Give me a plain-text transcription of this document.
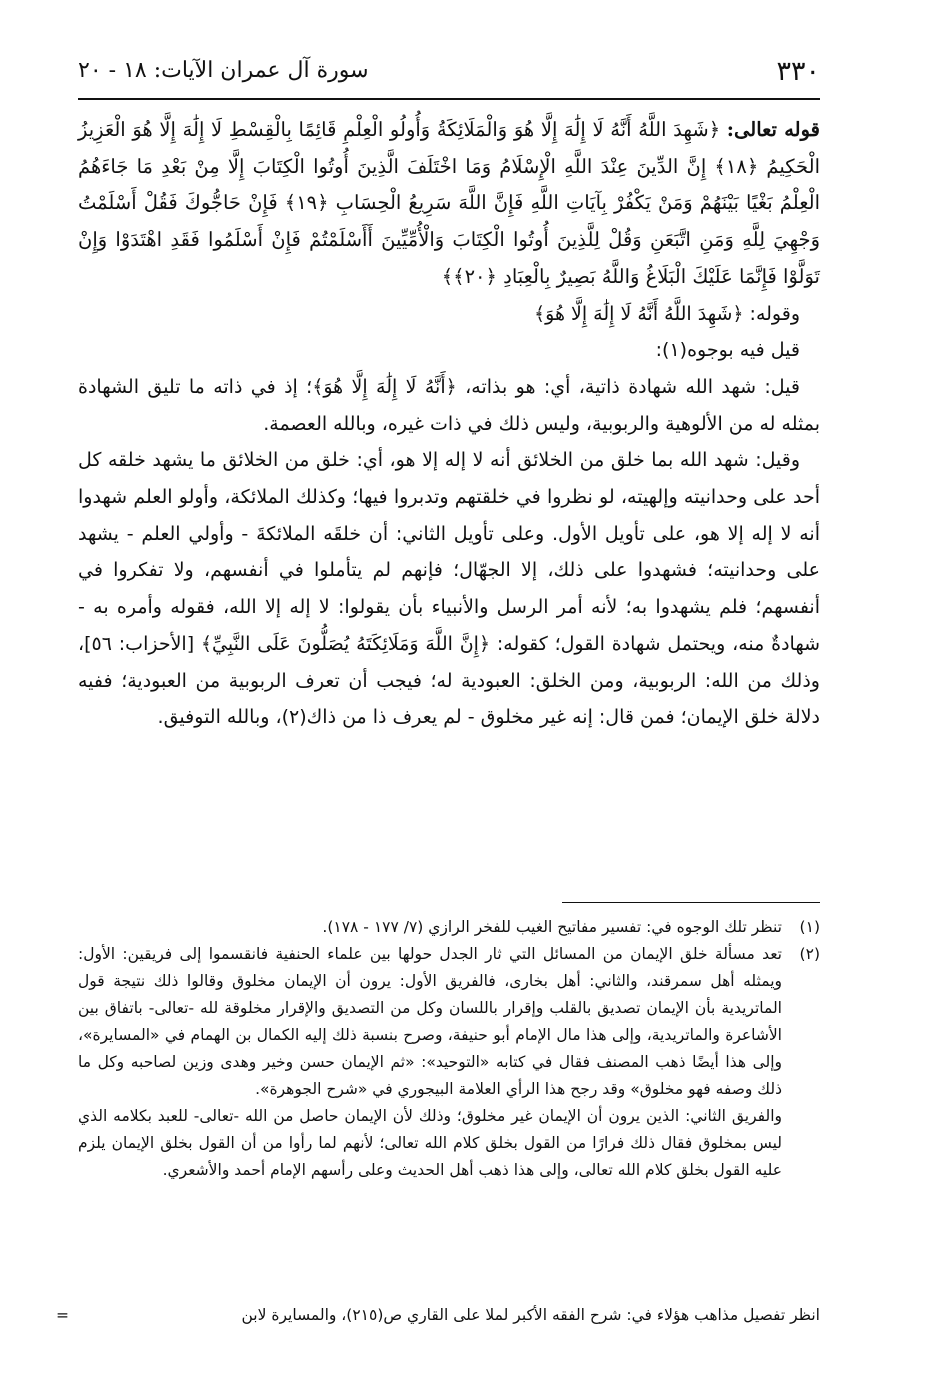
٣٣٠
سورة آل عمران الآيات: ١٨ - ٢٠

قوله تعالى: ﴿شَهِدَ اللَّهُ أَنَّهُ لَا إِلَٰهَ إِلَّا هُوَ وَالْمَلَائِكَةُ وَأُولُو الْعِلْمِ قَائِمًا بِالْقِسْطِ لَا إِلَٰهَ إِلَّا هُوَ الْعَزِيزُ الْحَكِيمُ ﴿١٨﴾ إِنَّ الدِّينَ عِنْدَ اللَّهِ الْإِسْلَامُ وَمَا اخْتَلَفَ الَّذِينَ أُوتُوا الْكِتَابَ إِلَّا مِنْ بَعْدِ مَا جَاءَهُمُ الْعِلْمُ بَغْيًا بَيْنَهُمْ وَمَنْ يَكْفُرْ بِآيَاتِ اللَّهِ فَإِنَّ اللَّهَ سَرِيعُ الْحِسَابِ ﴿١٩﴾ فَإِنْ حَاجُّوكَ فَقُلْ أَسْلَمْتُ وَجْهِيَ لِلَّهِ وَمَنِ اتَّبَعَنِ وَقُلْ لِلَّذِينَ أُوتُوا الْكِتَابَ وَالْأُمِّيِّينَ أَأَسْلَمْتُمْ فَإِنْ أَسْلَمُوا فَقَدِ اهْتَدَوْا وَإِنْ تَوَلَّوْا فَإِنَّمَا عَلَيْكَ الْبَلَاغُ وَاللَّهُ بَصِيرٌ بِالْعِبَادِ ﴿٢٠﴾﴾

وقوله: ﴿شَهِدَ اللَّهُ أَنَّهُ لَا إِلَٰهَ إِلَّا هُوَ﴾

قيل فيه بوجوه(١):

قيل: شهد الله شهادة ذاتية، أي: هو بذاته، ﴿أَنَّهُ لَا إِلَٰهَ إِلَّا هُوَ﴾؛ إذ في ذاته ما تليق الشهادة بمثله له من الألوهية والربوبية، وليس ذلك في ذات غيره، وبالله العصمة.

وقيل: شهد الله بما خلق من الخلائق أنه لا إله إلا هو، أي: خلق من الخلائق ما يشهد خلقه كل أحد على وحدانيته وإلهيته، لو نظروا في خلقتهم وتدبروا فيها؛ وكذلك الملائكة، وأولو العلم شهدوا أنه لا إله إلا هو، على تأويل الأول. وعلى تأويل الثاني: أن خلقَه الملائكةَ - وأولي العلم - يشهد على وحدانيته؛ فشهدوا على ذلك، إلا الجهّال؛ فإنهم لم يتأملوا في أنفسهم، ولا تفكروا في أنفسهم؛ فلم يشهدوا به؛ لأنه أمر الرسل والأنبياء بأن يقولوا: لا إله إلا الله، فقوله وأمره به - شهادةٌ منه، ويحتمل شهادة القول؛ كقوله: ﴿إِنَّ اللَّهَ وَمَلَائِكَتَهُ يُصَلُّونَ عَلَى النَّبِيِّ﴾ [الأحزاب: ٥٦]، وذلك من الله: الربوبية، ومن الخلق: العبودية له؛ فيجب أن تعرف الربوبية من العبودية؛ ففيه دلالة خلق الإيمان؛ فمن قال: إنه غير مخلوق - لم يعرف ذا من ذاك(٢)، وبالله التوفيق.

(١)

تنظر تلك الوجوه في: تفسير مفاتيح الغيب للفخر الرازي (٧/ ١٧٧ - ١٧٨).

(٢)

تعد مسألة خلق الإيمان من المسائل التي ثار الجدل حولها بين علماء الحنفية فانقسموا إلى فريقين: الأول: ويمثله أهل سمرقند، والثاني: أهل بخارى، فالفريق الأول: يرون أن الإيمان مخلوق وقالوا ذلك نتيجة قول الماتريدية بأن الإيمان تصديق بالقلب وإقرار باللسان وكل من التصديق والإقرار مخلوقة لله -تعالى- باتفاق بين الأشاعرة والماتريدية، وإلى هذا مال الإمام أبو حنيفة، وصرح بنسبة ذلك إليه الكمال بن الهمام في «المسايرة»، وإلى هذا أيضًا ذهب المصنف فقال في كتابه «التوحيد»: «ثم الإيمان حسن وخير وهدى وزين لصاحبه وكل ما ذلك وصفه فهو مخلوق» وقد رجح هذا الرأي العلامة البيجوري في «شرح الجوهرة».

والفريق الثاني: الذين يرون أن الإيمان غير مخلوق؛ وذلك لأن الإيمان حاصل من الله -تعالى- للعبد بكلامه الذي ليس بمخلوق فقال ذلك فرارًا من القول بخلق كلام الله تعالى؛ لأنهم لما رأوا من أن القول بخلق الإيمان يلزم عليه القول بخلق كلام الله تعالى، وإلى هذا ذهب أهل الحديث وعلى رأسهم الإمام أحمد والأشعري.

انظر تفصيل مذاهب هؤلاء في: شرح الفقه الأكبر لملا على القاري ص(٢١٥)، والمسايرة لابن
=
